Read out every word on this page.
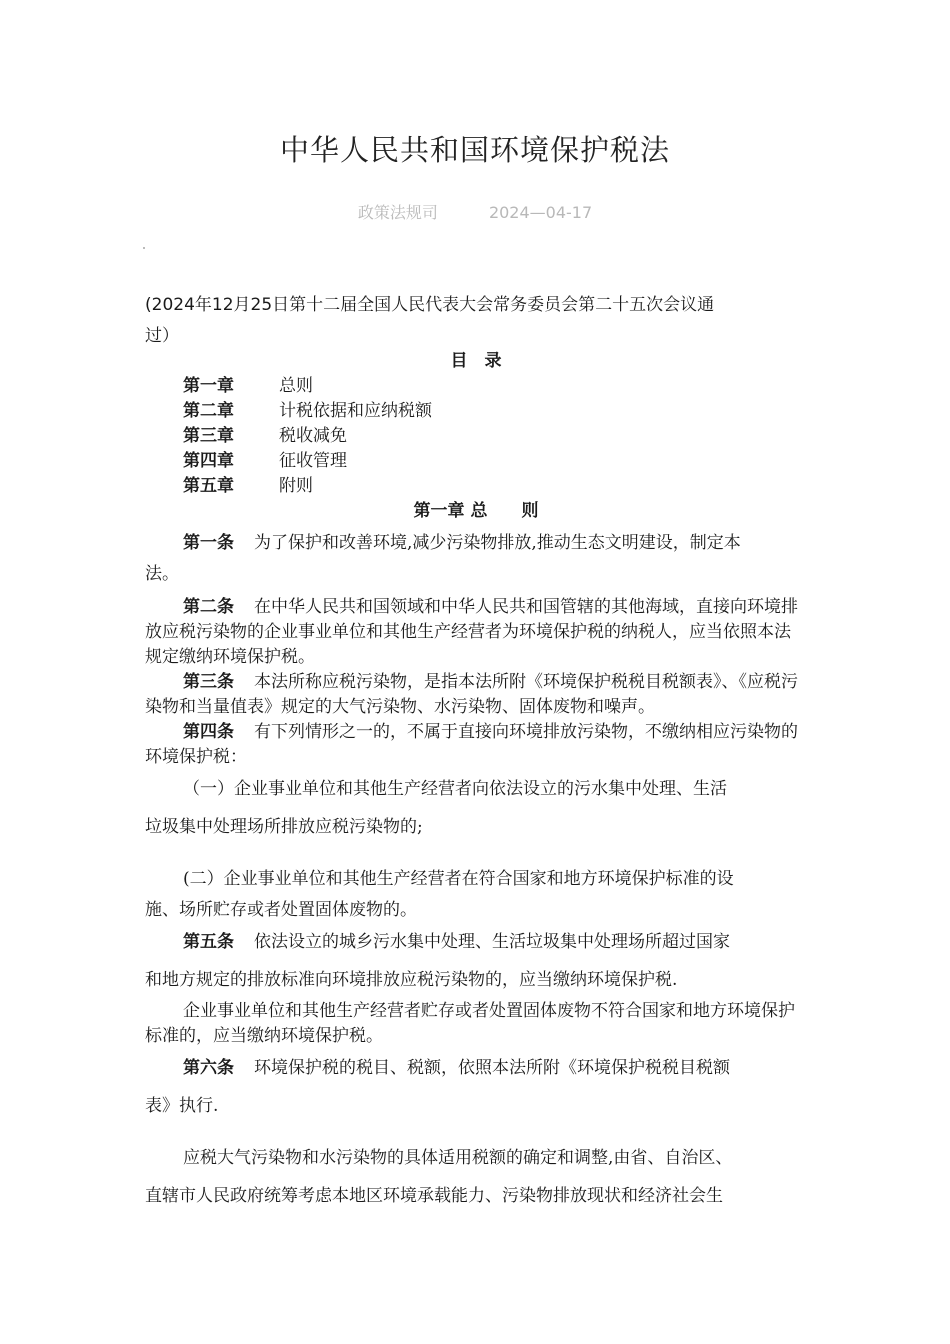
中华人民共和国环境保护税法
政策法规司	2024—04-17

(2024年12月25日第十二届全国人民代表大会常务委员会第二十五次会议通

过）

目　录
第一章	总则
第二章	计税依据和应纳税额
第三章	税收减免
第四章	征收管理
第五章	附则
第一章 总　　则

第一条 为了保护和改善环境,减少污染物排放,推动生态文明建设，制定本

法。

第二条 在中华人民共和国领域和中华人民共和国管辖的其他海域，直接向环境排放应税污染物的企业事业单位和其他生产经营者为环境保护税的纳税人，应当依照本法规定缴纳环境保护税。

第三条 本法所称应税污染物，是指本法所附《环境保护税税目税额表》、《应税污染物和当量值表》规定的大气污染物、水污染物、固体废物和噪声。

第四条 有下列情形之一的，不属于直接向环境排放污染物，不缴纳相应污染物的环境保护税：

（一）企业事业单位和其他生产经营者向依法设立的污水集中处理、生活

垃圾集中处理场所排放应税污染物的;

(二）企业事业单位和其他生产经营者在符合国家和地方环境保护标准的设

施、场所贮存或者处置固体废物的。

第五条 依法设立的城乡污水集中处理、生活垃圾集中处理场所超过国家

和地方规定的排放标准向环境排放应税污染物的，应当缴纳环境保护税.

企业事业单位和其他生产经营者贮存或者处置固体废物不符合国家和地方环境保护标准的，应当缴纳环境保护税。

第六条 环境保护税的税目、税额，依照本法所附《环境保护税税目税额

表》执行.

应税大气污染物和水污染物的具体适用税额的确定和调整,由省、自治区、

直辖市人民政府统筹考虑本地区环境承载能力、污染物排放现状和经济社会生
